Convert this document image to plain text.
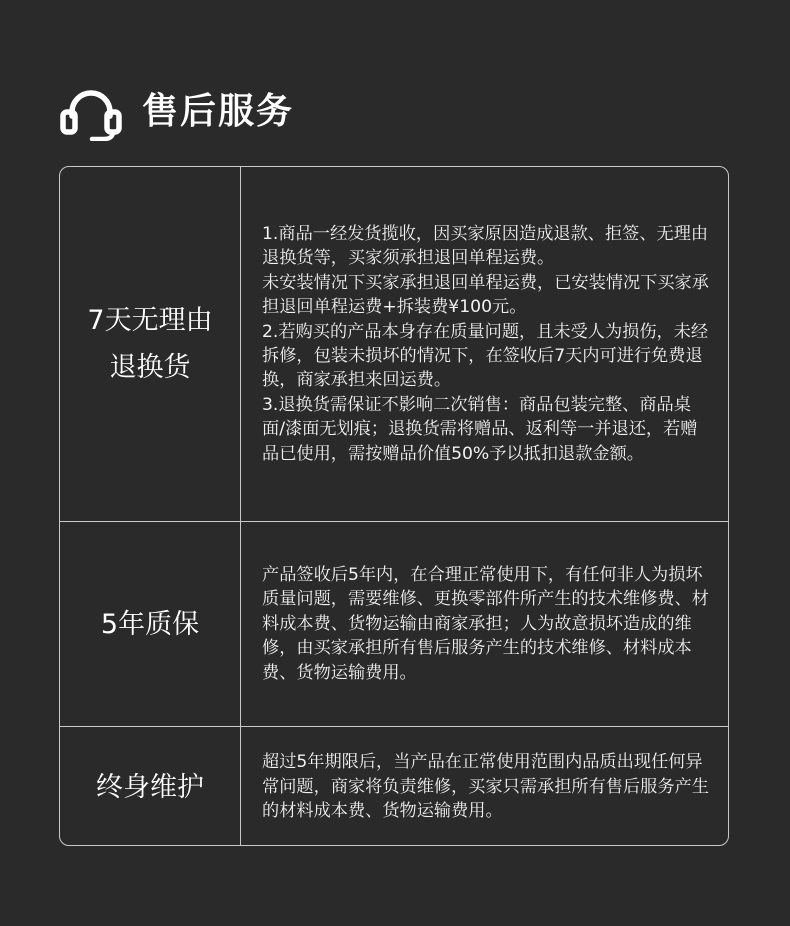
售后服务
7天无理由退换货

1.商品一经发货揽收，因买家原因造成退款、拒签、无理由退换货等，买家须承担退回单程运费。

未安装情况下买家承担退回单程运费，已安装情况下买家承担退回单程运费+拆装费¥100元。

2.若购买的产品本身存在质量问题，且未受人为损伤，未经拆修，包装未损坏的情况下，在签收后7天内可进行免费退换，商家承担来回运费。

3.退换货需保证不影响二次销售：商品包装完整、商品桌面/漆面无划痕；退换货需将赠品、返利等一并退还，若赠品已使用，需按赠品价值50%予以抵扣退款金额。

5年质保

产品签收后5年内，在合理正常使用下，有任何非人为损坏质量问题，需要维修、更换零部件所产生的技术维修费、材料成本费、货物运输由商家承担；人为故意损坏造成的维修，由买家承担所有售后服务产生的技术维修、材料成本费、货物运输费用。

终身维护

超过5年期限后，当产品在正常使用范围内品质出现任何异常问题，商家将负责维修，买家只需承担所有售后服务产生的材料成本费、货物运输费用。
